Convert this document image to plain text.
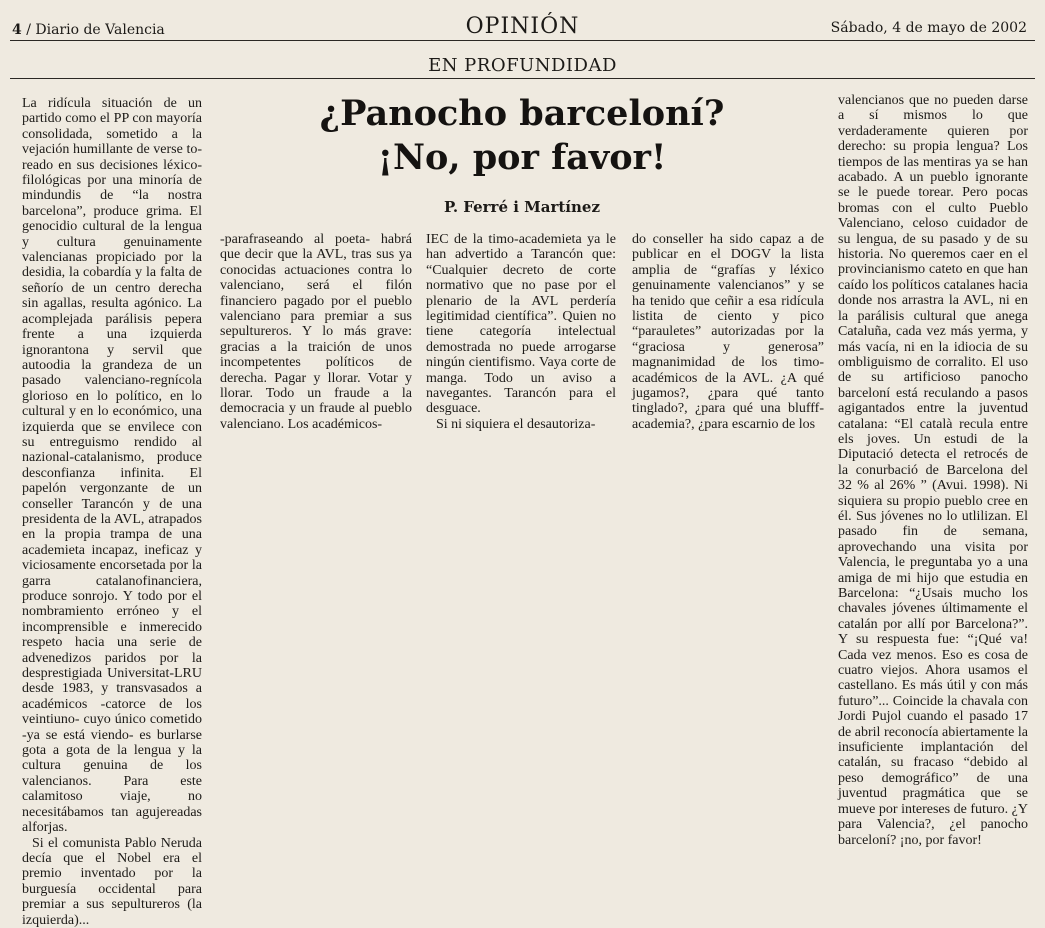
4 / Diario de Valencia	OPINIÓN	Sábado, 4 de mayo de 2002
EN PROFUNDIDAD
¿Panocho barceloní?
¡No, por favor!
P. Ferré i Martínez

La ridícula situación de un partido como el PP con mayoría consolidada, sometido a la vejación humillante de verse to-reado en sus decisiones léxico-filológicas por una minoría de mindundis de “la nostra barcelona”, produce grima. El genocidio cultural de la lengua y cultura genuinamente valencianas propiciado por la desidia, la cobardía y la falta de señorío de un centro derecha sin agallas, resulta agónico. La acomplejada parálisis pepera frente a una izquierda ignorantona y servil que autoodia la grandeza de un pasado valenciano-regnícola glorioso en lo político, en lo cultural y en lo económico, una izquierda que se envilece con su entreguismo rendido al nazional-catalanismo, produce desconfianza infinita. El papelón vergonzante de un conseller Tarancón y de una presidenta de la AVL, atrapados en la propia trampa de una academieta incapaz, ineficaz y viciosamente encorsetada por la garra catalanofinanciera, produce sonrojo. Y todo por el nombramiento erróneo y el incomprensible e inmerecido respeto hacia una serie de advenedizos paridos por la desprestigiada Universitat-LRU desde 1983, y transvasados a académicos -catorce de los veintiuno- cuyo único cometido -ya se está viendo- es burlarse gota a gota de la lengua y la cultura genuina de los valencianos. Para este calamitoso viaje, no necesitábamos tan agujereadas alforjas.

Si el comunista Pablo Neruda decía que el Nobel era el premio inventado por la burguesía occidental para premiar a sus sepultureros (la izquierda)...

-parafraseando al poeta- habrá que decir que la AVL, tras sus ya conocidas actuaciones contra lo valenciano, será el filón financiero pagado por el pueblo valenciano para premiar a sus sepultureros. Y lo más grave: gracias a la traición de unos incompetentes políticos de derecha. Pagar y llorar. Votar y llorar. Todo un fraude a la democracia y un fraude al pueblo valenciano. Los académicos-

IEC de la timo-academieta ya le han advertido a Tarancón que: “Cualquier decreto de corte normativo que no pase por el plenario de la AVL perdería legitimidad científica”. Quien no tiene categoría intelectual demostrada no puede arrogarse ningún cientifismo. Vaya corte de manga. Todo un aviso a navegantes. Tarancón para el desguace.

Si ni siquiera el desautoriza-

do conseller ha sido capaz a de publicar en el DOGV la lista amplia de “grafías y léxico genuinamente valencianos” y se ha tenido que ceñir a esa ridícula listita de ciento y pico “parauletes” autorizadas por la “graciosa y generosa” magnanimidad de los timo-académicos de la AVL. ¿A qué jugamos?, ¿para qué tanto tinglado?, ¿para qué una blufff-academia?, ¿para escarnio de los

valencianos que no pueden darse a sí mismos lo que verdaderamente quieren por derecho: su propia lengua? Los tiempos de las mentiras ya se han acabado. A un pueblo ignorante se le puede torear. Pero pocas bromas con el culto Pueblo Valenciano, celoso cuidador de su lengua, de su pasado y de su historia. No queremos caer en el provincianismo cateto en que han caído los políticos catalanes hacia donde nos arrastra la AVL, ni en la parálisis cultural que anega Cataluña, cada vez más yerma, y más vacía, ni en la idiocia de su ombliguismo de corralito. El uso de su artificioso panocho barceloní está reculando a pasos agigantados entre la juventud catalana: “El català recula entre els joves. Un estudi de la Diputació detecta el retrocés de la conurbació de Barcelona del 32 % al 26% ” (Avui. 1998). Ni siquiera su propio pueblo cree en él. Sus jóvenes no lo utlilizan. El pasado fin de semana, aprovechando una visita por Valencia, le preguntaba yo a una amiga de mi hijo que estudia en Barcelona: “¿Usais mucho los chavales jóvenes últimamente el catalán por allí por Barcelona?”. Y su respuesta fue: “¡Qué va! Cada vez menos. Eso es cosa de cuatro viejos. Ahora usamos el castellano. Es más útil y con más futuro”... Coincide la chavala con Jordi Pujol cuando el pasado 17 de abril reconocía abiertamente la insuficiente implantación del catalán, su fracaso “debido al peso demográfico” de una juventud pragmática que se mueve por intereses de futuro. ¿Y para Valencia?, ¿el panocho barceloní? ¡no, por favor!
